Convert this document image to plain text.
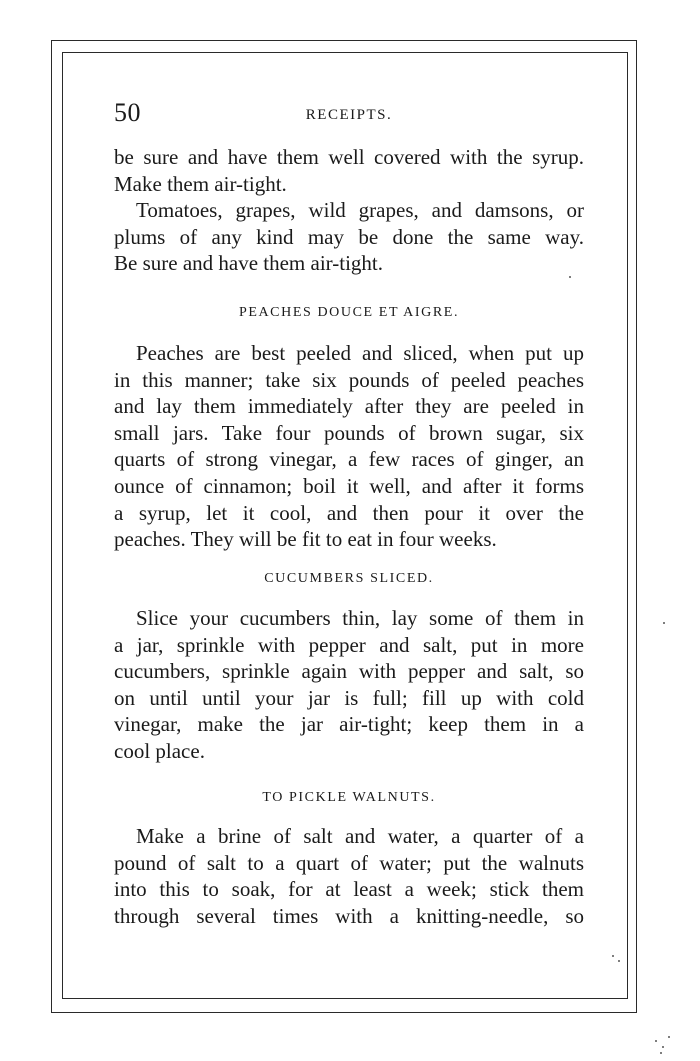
50	RECEIPTS.
be sure and have them well covered with the syrup.
Make them air-tight.
Tomatoes, grapes, wild grapes, and damsons, or
plums of any kind may be done the same way.
Be sure and have them air-tight.
PEACHES DOUCE ET AIGRE.
Peaches are best peeled and sliced, when put up
in this manner; take six pounds of peeled peaches
and lay them immediately after they are peeled in
small jars. Take four pounds of brown sugar, six
quarts of strong vinegar, a few races of ginger, an
ounce of cinnamon; boil it well, and after it forms
a syrup, let it cool, and then pour it over the
peaches. They will be fit to eat in four weeks.
CUCUMBERS SLICED.
Slice your cucumbers thin, lay some of them in
a jar, sprinkle with pepper and salt, put in more
cucumbers, sprinkle again with pepper and salt, so
on until until your jar is full; fill up with cold
vinegar, make the jar air-tight; keep them in a
cool place.
TO PICKLE WALNUTS.
Make a brine of salt and water, a quarter of a
pound of salt to a quart of water; put the walnuts
into this to soak, for at least a week; stick them
through several times with a knitting-needle, so
